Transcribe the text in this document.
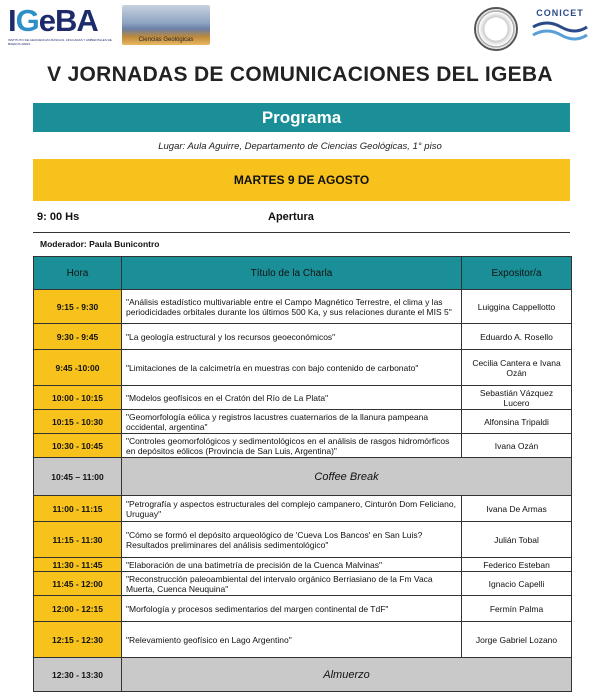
IGeBA
INSTITUTO DE GEOCIENCIAS BÁSICAS, APLICADAS Y AMBIENTALES DE BUENOS AIRES
Ciencias Geológicas
CONICET
V JORNADAS DE COMUNICACIONES DEL IGEBA
Programa
Lugar: Aula Aguirre, Departamento de Ciencias Geológicas, 1° piso
MARTES 9 DE AGOSTO
9: 00 Hs	Apertura
Moderador: Paula Bunicontro
Hora	Título de la Charla	Expositor/a
9:15 - 9:30	"Análisis estadístico multivariable entre el Campo Magnético Terrestre, el clima y las periodicidades orbitales durante los últimos 500 Ka, y sus relaciones durante el MIS 5"	Luiggina Cappellotto
9:30 - 9:45	"La geología estructural y los recursos geoeconómicos"	Eduardo A. Rosello
9:45 -10:00	"Limitaciones de la calcimetría en muestras con bajo contenido de carbonato"	Cecilia Cantera e Ivana Ozán
10:00 - 10:15	"Modelos geofísicos en el Cratón del Río de La Plata"	Sebastián Vázquez Lucero
10:15 - 10:30	"Geomorfología eólica y registros lacustres cuaternarios de la llanura pampeana occidental, argentina"	Alfonsina Tripaldi
10:30 - 10:45	"Controles geomorfológicos y sedimentológicos en el análisis de rasgos hidromórficos en depósitos eólicos (Provincia de San Luis, Argentina)"	Ivana Ozán
10:45 – 11:00	Coffee Break	
11:00 - 11:15	"Petrografía y aspectos estructurales del complejo campanero, Cinturón Dom Feliciano, Uruguay"	Ivana De Armas
11:15 - 11:30	"Cómo se formó el depósito arqueológico de 'Cueva Los Bancos' en San Luis? Resultados preliminares del análisis sedimentológico"	Julián Tobal
11:30 - 11:45	"Elaboración de una batimetría de precisión de la Cuenca Malvinas"	Federico Esteban
11:45 - 12:00	"Reconstrucción paleoambiental del intervalo orgánico Berriasiano de la Fm Vaca Muerta, Cuenca Neuquina"	Ignacio Capelli
12:00 - 12:15	"Morfología y procesos sedimentarios del margen continental de TdF"	Fermín Palma
12:15 - 12:30	"Relevamiento geofísico en Lago Argentino"	Jorge Gabriel Lozano
12:30 - 13:30	Almuerzo	
